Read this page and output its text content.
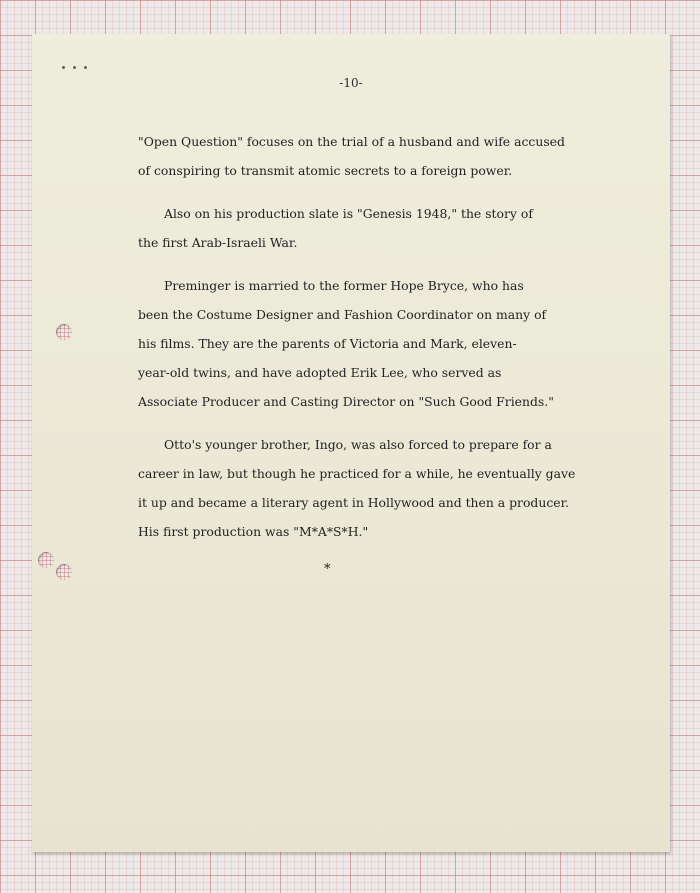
-10-
"Open Question" focuses on the trial of a husband and wife accused
of conspiring to transmit atomic secrets to a foreign power.
Also on his production slate is "Genesis 1948," the story of
the first Arab-Israeli War.
Preminger is married to the former Hope Bryce, who has
been the Costume Designer and Fashion Coordinator on many of
his films. They are the parents of Victoria and Mark, eleven-
year-old twins, and have adopted Erik Lee, who served as
Associate Producer and Casting Director on "Such Good Friends."
Otto's younger brother, Ingo, was also forced to prepare for a
career in law, but though he practiced for a while, he eventually gave
it up and became a literary agent in Hollywood and then a producer.
His first production was "M*A*S*H."
*
